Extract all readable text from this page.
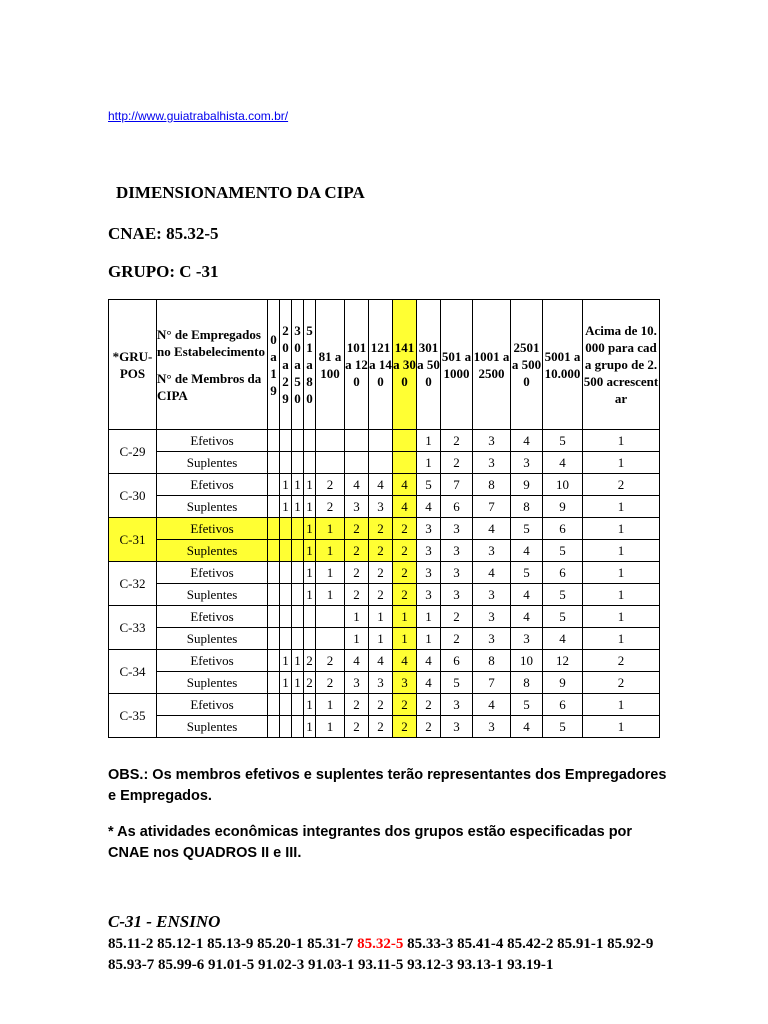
http://www.guiatrabalhista.com.br/
DIMENSIONAMENTO DA CIPA
CNAE: 85.32-5
GRUPO: C -31
*GRU-POS	N° de Empregados no Estabelecimento
N° de Membros da CIPA	0 a 19	20 a 29	30 a 50	51 a 80	81 a 100	101 a 120	121 a 140	141 a 300	301 a 500	501 a 1000	1001 a 2500	2501 a 5000	5001 a 10.000	Acima de 10.000 para cada grupo de 2.500 acrescentar
C-29	Efetivos									1	2	3	4	5	1
	Suplentes									1	2	3	3	4	1
C-30	Efetivos		1	1	1	2	4	4	4	5	7	8	9	10	2
	Suplentes		1	1	1	2	3	3	4	4	6	7	8	9	1
C-31	Efetivos				1	1	2	2	2	3	3	4	5	6	1
	Suplentes				1	1	2	2	2	3	3	3	4	5	1
C-32	Efetivos				1	1	2	2	2	3	3	4	5	6	1
	Suplentes				1	1	2	2	2	3	3	3	4	5	1
C-33	Efetivos						1	1	1	1	2	3	4	5	1
	Suplentes						1	1	1	1	2	3	3	4	1
C-34	Efetivos		1	1	2	2	4	4	4	4	6	8	10	12	2
	Suplentes		1	1	2	2	3	3	3	4	5	7	8	9	2
C-35	Efetivos				1	1	2	2	2	2	3	4	5	6	1
	Suplentes				1	1	2	2	2	2	3	3	4	5	1
OBS.: Os membros efetivos e suplentes terão representantes dos Empregadores e Empregados.
* As atividades econômicas integrantes dos grupos estão especificadas por CNAE nos QUADROS II e III.
C-31 - ENSINO
85.11-2 85.12-1 85.13-9 85.20-1 85.31-7 85.32-5 85.33-3 85.41-4 85.42-2 85.91-1 85.92-9 85.93-7 85.99-6 91.01-5 91.02-3 91.03-1 93.11-5 93.12-3 93.13-1 93.19-1
